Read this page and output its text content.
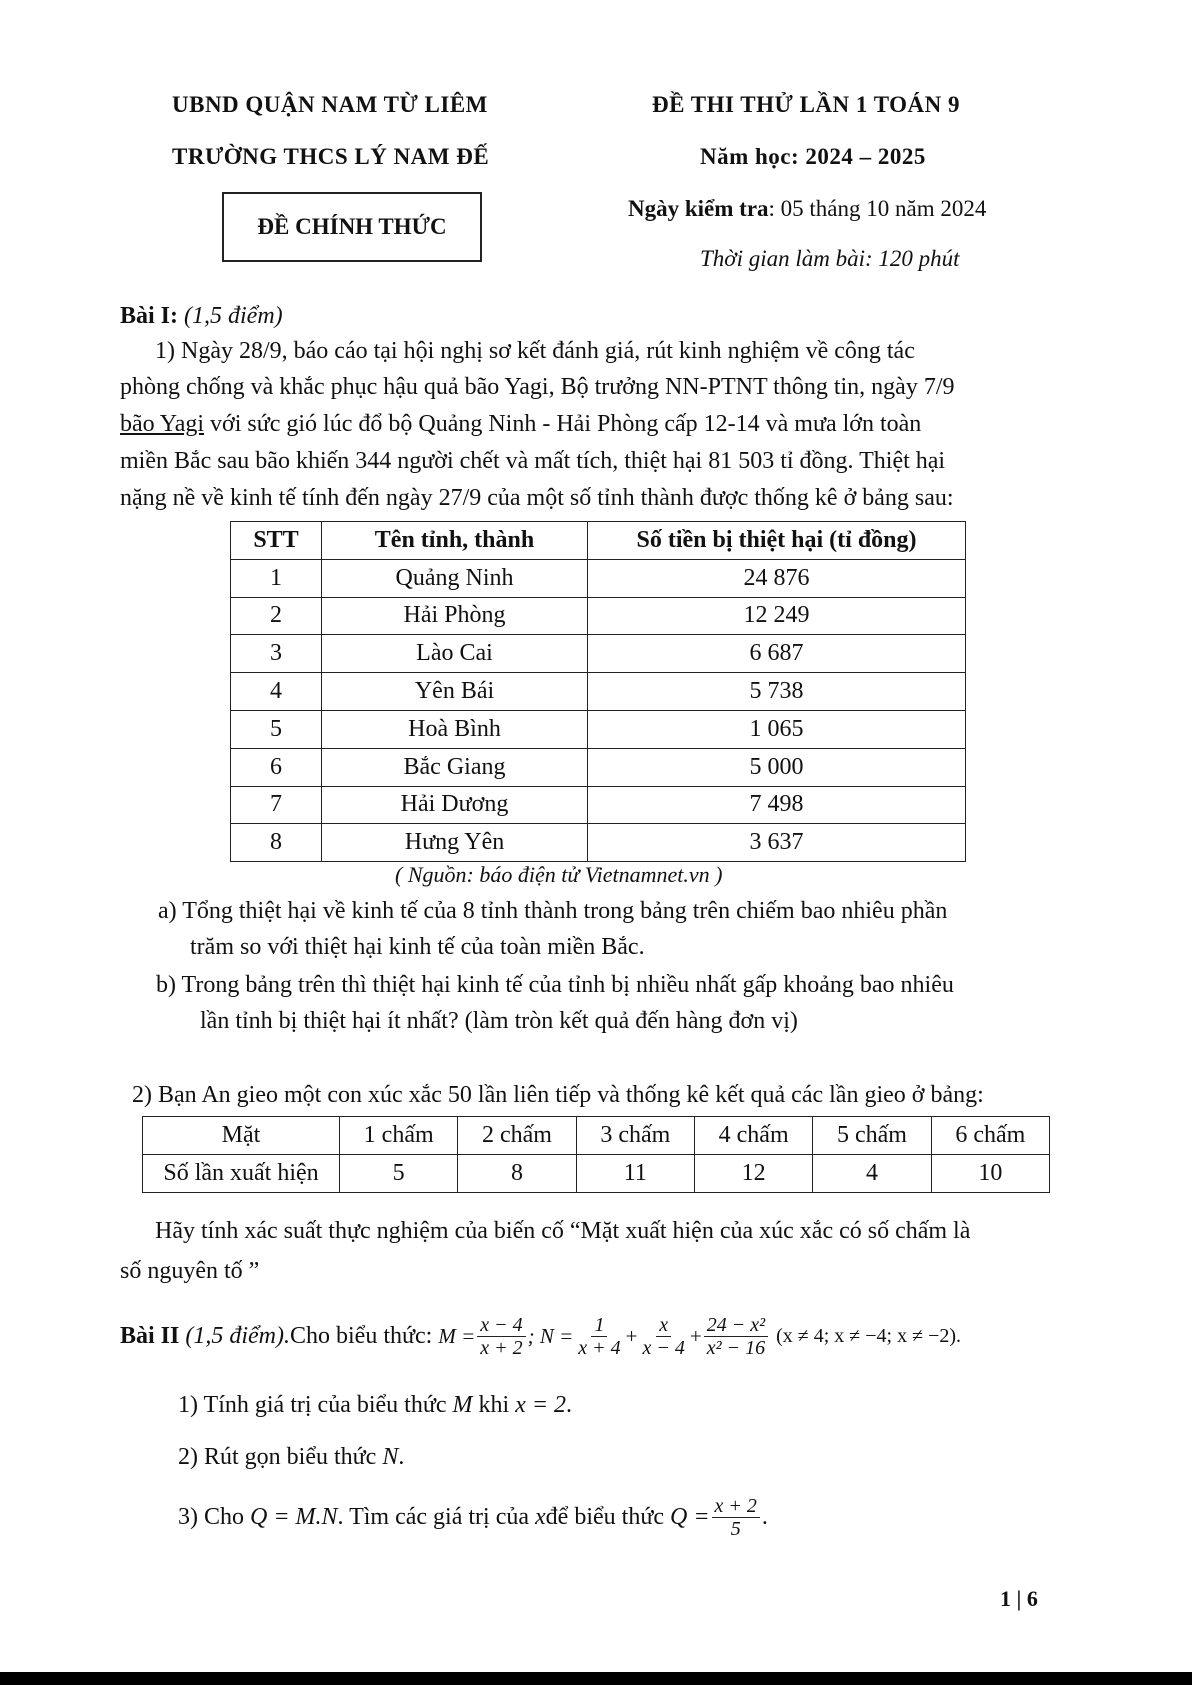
UBND QUẬN NAM TỪ LIÊM
TRƯỜNG THCS LÝ NAM ĐẾ
ĐỀ CHÍNH THỨC
ĐỀ THI THỬ LẦN 1 TOÁN 9
Năm học: 2024 – 2025
Ngày kiểm tra: 05 tháng 10 năm 2024
Thời gian làm bài: 120 phút
Bài I: (1,5 điểm)
1) Ngày 28/9, báo cáo tại hội nghị sơ kết đánh giá, rút kinh nghiệm về công tác
phòng chống và khắc phục hậu quả bão Yagi, Bộ trưởng NN-PTNT thông tin, ngày 7/9
bão Yagi với sức gió lúc đổ bộ Quảng Ninh - Hải Phòng cấp 12-14 và mưa lớn toàn
miền Bắc sau bão khiến 344 người chết và mất tích, thiệt hại 81 503 tỉ đồng. Thiệt hại
nặng nề về kinh tế tính đến ngày 27/9 của một số tỉnh thành được thống kê ở bảng sau:
STT	Tên tỉnh, thành	Số tiền bị thiệt hại (tỉ đồng)
1	Quảng Ninh	24 876
2	Hải Phòng	12 249
3	Lào Cai	6 687
4	Yên Bái	5 738
5	Hoà Bình	1 065
6	Bắc Giang	5 000
7	Hải Dương	7 498
8	Hưng Yên	3 637
( Nguồn: báo điện tử Vietnamnet.vn )
a) Tổng thiệt hại về kinh tế của 8 tỉnh thành trong bảng trên chiếm bao nhiêu phần
trăm so với thiệt hại kinh tế của toàn miền Bắc.
b) Trong bảng trên thì thiệt hại kinh tế của tỉnh bị nhiều nhất gấp khoảng bao nhiêu
lần tỉnh bị thiệt hại ít nhất? (làm tròn kết quả đến hàng đơn vị)
2) Bạn An gieo một con xúc xắc 50 lần liên tiếp và thống kê kết quả các lần gieo ở bảng:
Mặt	1 chấm	2 chấm	3 chấm	4 chấm	5 chấm	6 chấm
Số lần xuất hiện	5	8	11	12	4	10
Hãy tính xác suất thực nghiệm của biến cố “Mặt xuất hiện của xúc xắc có số chấm là
số nguyên tố ”
Bài II
(1,5 điểm). Cho biểu thức:
$M = \frac{x - 4}{x + 2}$ ; $N = \frac{1}{x + 4} + \frac{x}{x - 4} + \frac{\text{24 − x²}}{\text{x² − 16}}$
(x ≠ 4; x ≠ −4; x ≠ −2).
1) Tính giá trị của biểu thức M khi x = 2.
2) Rút gọn biểu thức N.
3) Cho
Q = M.N . Tìm các giá trị của
x để biểu thức
$Q = \frac{x + 2}{5}$ .
1 | 6
